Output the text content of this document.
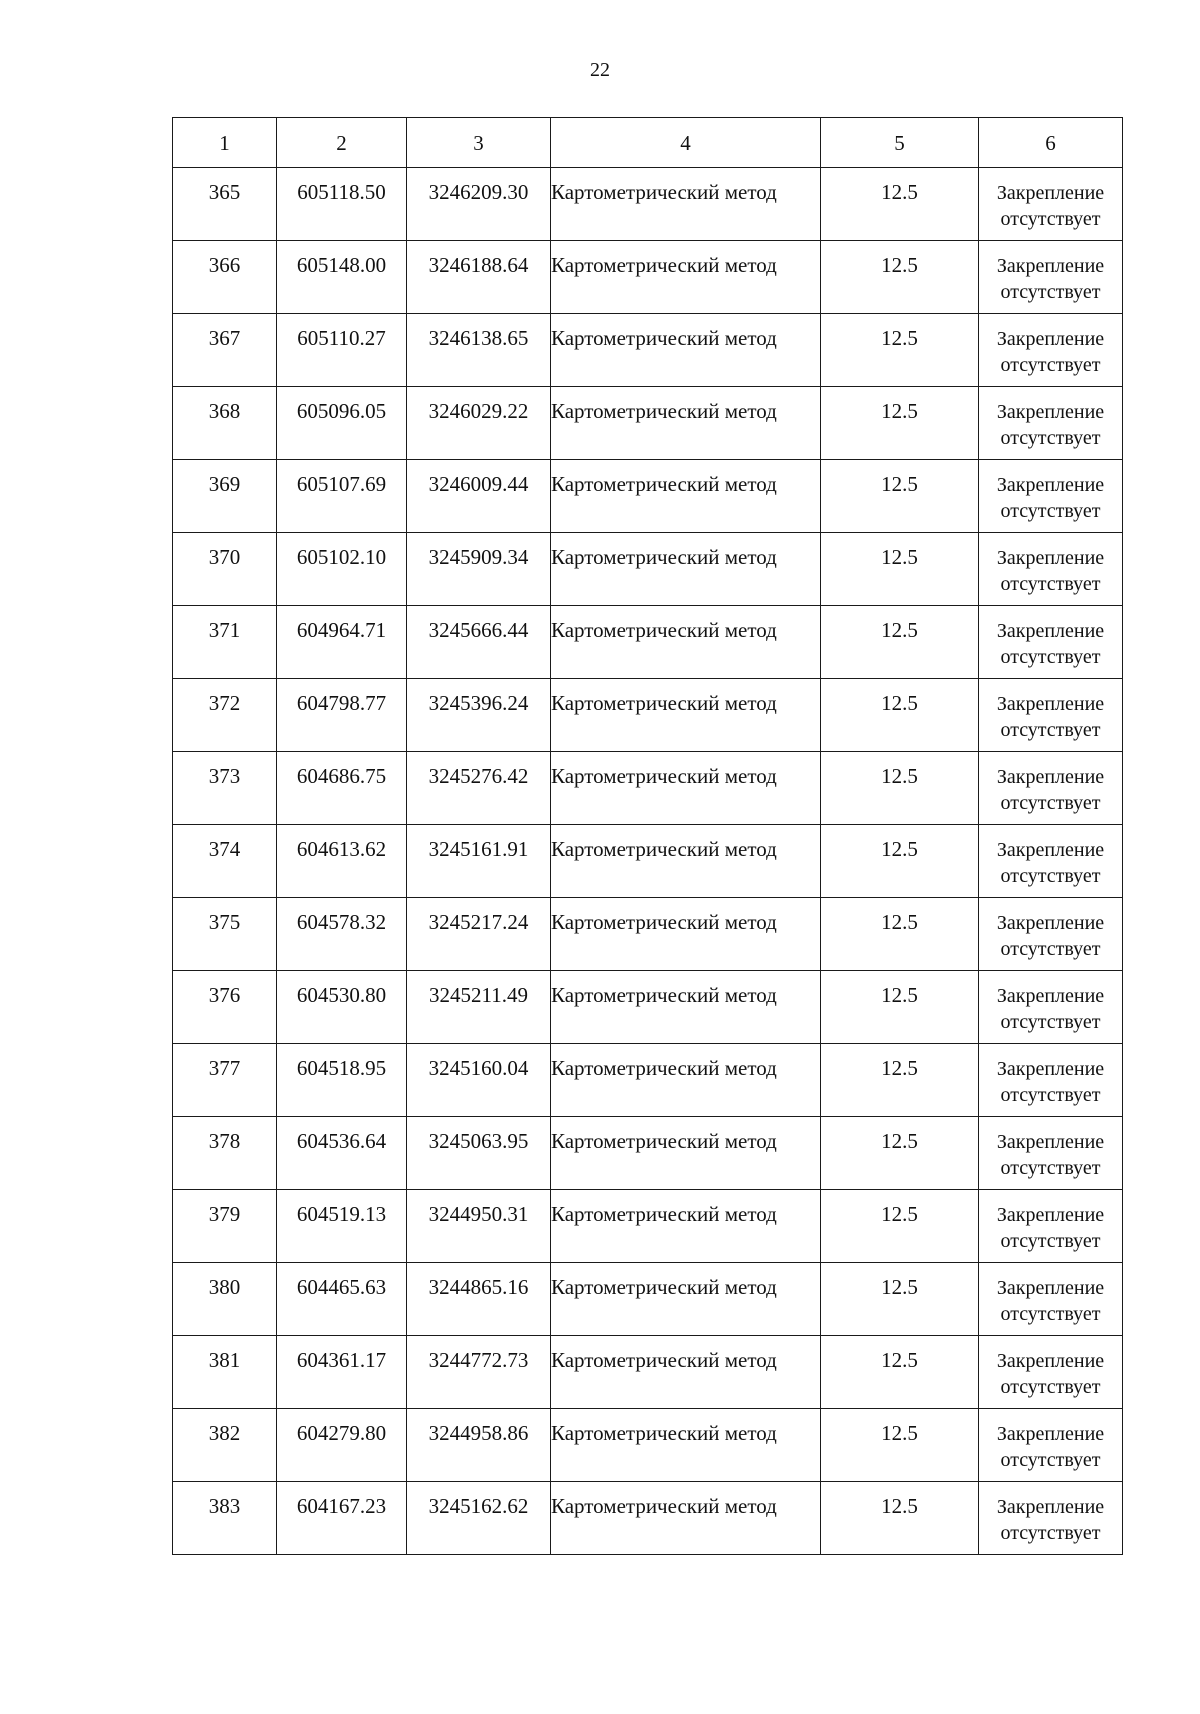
22
1	2	3	4	5	6
365	605118.50	3246209.30	Картометрический метод	12.5	Закрепление отсутствует
366	605148.00	3246188.64	Картометрический метод	12.5	Закрепление отсутствует
367	605110.27	3246138.65	Картометрический метод	12.5	Закрепление отсутствует
368	605096.05	3246029.22	Картометрический метод	12.5	Закрепление отсутствует
369	605107.69	3246009.44	Картометрический метод	12.5	Закрепление отсутствует
370	605102.10	3245909.34	Картометрический метод	12.5	Закрепление отсутствует
371	604964.71	3245666.44	Картометрический метод	12.5	Закрепление отсутствует
372	604798.77	3245396.24	Картометрический метод	12.5	Закрепление отсутствует
373	604686.75	3245276.42	Картометрический метод	12.5	Закрепление отсутствует
374	604613.62	3245161.91	Картометрический метод	12.5	Закрепление отсутствует
375	604578.32	3245217.24	Картометрический метод	12.5	Закрепление отсутствует
376	604530.80	3245211.49	Картометрический метод	12.5	Закрепление отсутствует
377	604518.95	3245160.04	Картометрический метод	12.5	Закрепление отсутствует
378	604536.64	3245063.95	Картометрический метод	12.5	Закрепление отсутствует
379	604519.13	3244950.31	Картометрический метод	12.5	Закрепление отсутствует
380	604465.63	3244865.16	Картометрический метод	12.5	Закрепление отсутствует
381	604361.17	3244772.73	Картометрический метод	12.5	Закрепление отсутствует
382	604279.80	3244958.86	Картометрический метод	12.5	Закрепление отсутствует
383	604167.23	3245162.62	Картометрический метод	12.5	Закрепление отсутствует
